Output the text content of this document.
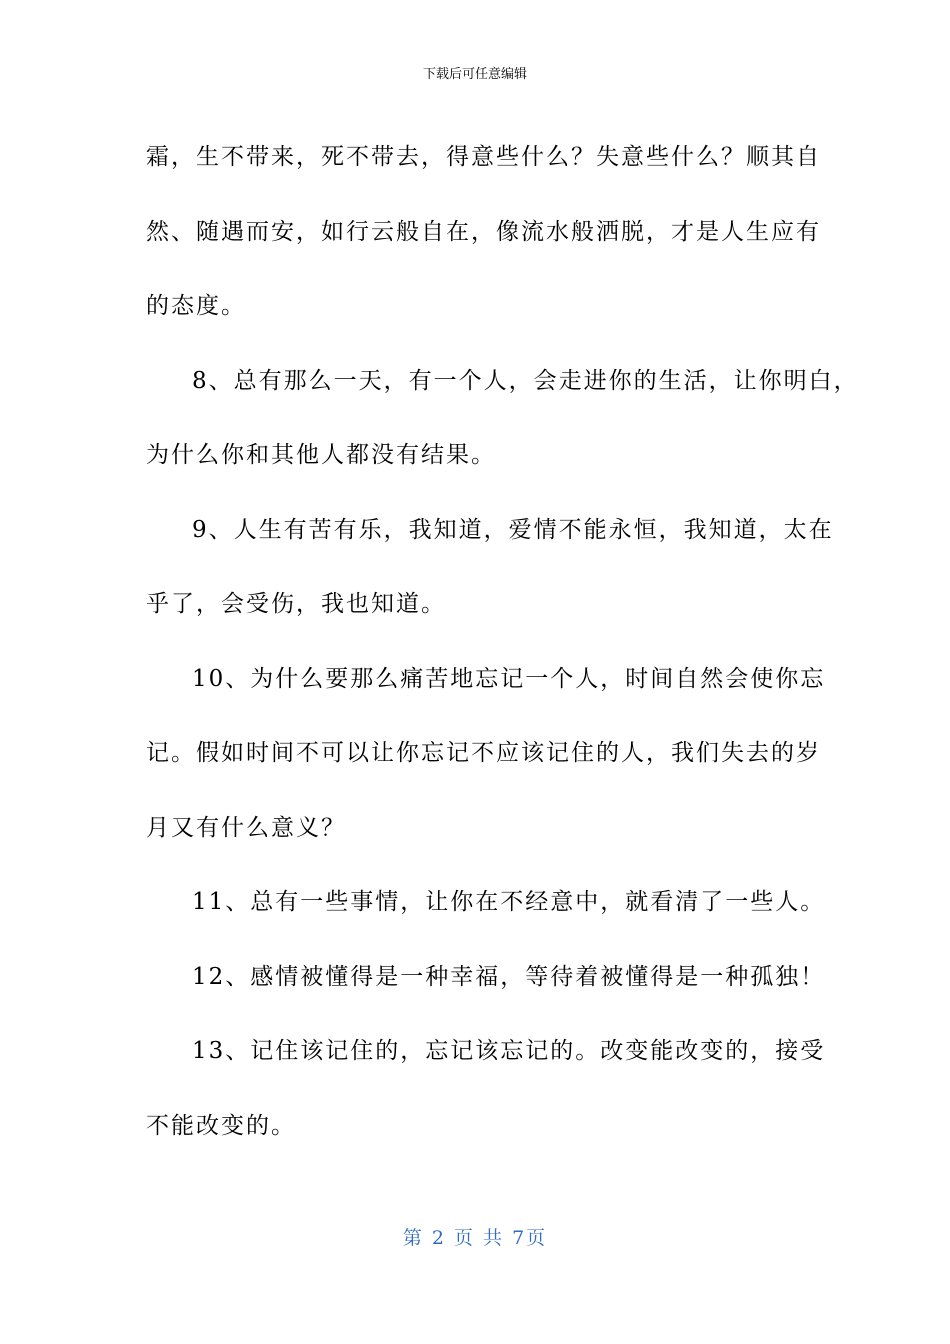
下载后可任意编辑

霜，生不带来，死不带去，得意些什么？失意些什么？顺其自

然、随遇而安，如行云般自在，像流水般洒脱，才是人生应有

的态度。

8、总有那么一天，有一个人，会走进你的生活，让你明白，

为什么你和其他人都没有结果。

9、人生有苦有乐，我知道，爱情不能永恒，我知道，太在

乎了，会受伤，我也知道。

10、为什么要那么痛苦地忘记一个人，时间自然会使你忘

记。假如时间不可以让你忘记不应该记住的人，我们失去的岁

月又有什么意义？

11、总有一些事情，让你在不经意中，就看清了一些人。

12、感情被懂得是一种幸福，等待着被懂得是一种孤独！

13、记住该记住的，忘记该忘记的。改变能改变的，接受

不能改变的。

第 2 页 共 7页
